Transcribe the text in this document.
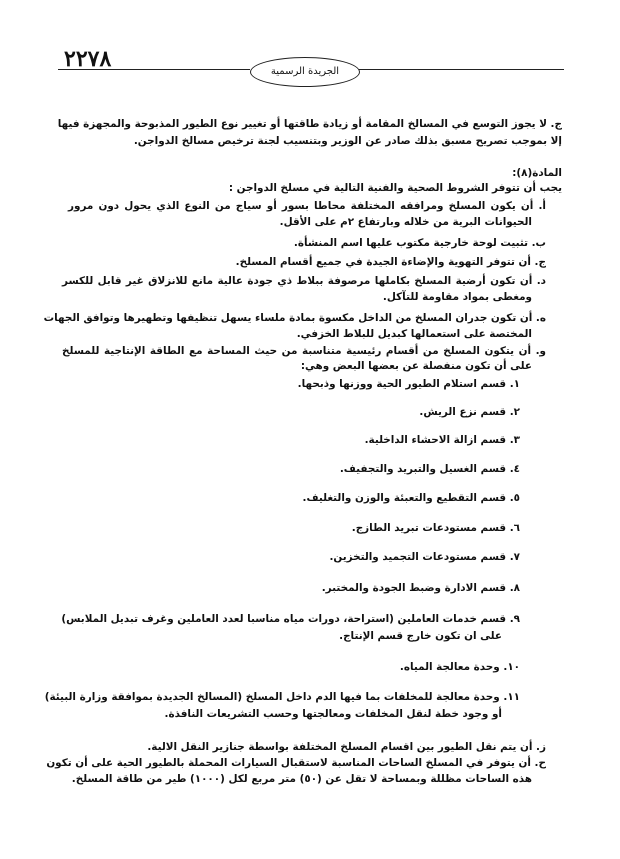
٢٢٧٨	الجريدة الرسمية
ج. لا يجوز التوسع في المسالخ المقامة أو زيادة طاقتها أو تغيير نوع الطيور المذبوحة والمجهزة فيها
إلا بموجب تصريح مسبق بذلك صادر عن الوزير وبتنسيب لجنة ترخيص مسالخ الدواجن.
المادة(٨):
يجب أن تتوفر الشروط الصحية والفنية التالية في مسلخ الدواجن :
أ. أن يكون المسلخ ومرافقه المختلفة محاطا بسور أو سياج من النوع الذي يحول دون مرور
الحيوانات البرية من خلاله وبارتفاع ٢م على الأقل.
ب. تثبيت لوحة خارجية مكتوب عليها اسم المنشأة.
ج. أن تتوفر التهوية والإضاءة الجيدة في جميع أقسام المسلخ.
د. أن تكون أرضية المسلخ بكاملها مرصوفة ببلاط ذي جودة عالية مانع للانزلاق غير قابل للكسر
ومغطى بمواد مقاومة للتآكل.
ه. أن تكون جدران المسلخ من الداخل مكسوة بمادة ملساء يسهل تنظيفها وتطهيرها وتوافق الجهات
المختصة على استعمالها كبديل للبلاط الخزفي.
و. أن يتكون المسلخ من أقسام رئيسية متناسبة من حيث المساحة مع الطاقة الإنتاجية للمسلخ
على أن تكون منفصلة عن بعضها البعض وهي:
١. قسم استلام الطيور الحية ووزنها وذبحها.
٢. قسم نزع الريش.
٣. قسم ازالة الاحشاء الداخلية.
٤. قسم الغسيل والتبريد والتجفيف.
٥. قسم التقطيع والتعبئة والوزن والتغليف.
٦. قسم مستودعات تبريد الطازج.
٧. قسم مستودعات التجميد والتخزين.
٨. قسم الادارة وضبط الجودة والمختبر.
٩. قسم خدمات العاملين (استراحة، دورات مياه مناسبا لعدد العاملين وغرف تبديل الملابس)
على ان تكون خارج قسم الإنتاج.
١٠. وحدة معالجة المياه.
١١. وحدة معالجة للمخلفات بما فيها الدم داخل المسلخ (المسالخ الجديدة بموافقة وزارة البيئة)
أو وجود خطة لنقل المخلفات ومعالجتها وحسب التشريعات النافذة.
ز. أن يتم نقل الطيور بين اقسام المسلخ المختلفة بواسطة جنازير النقل الالية.
ح. أن يتوفر في المسلخ الساحات المناسبة لاستقبال السيارات المحملة بالطيور الحية على أن تكون
هذه الساحات مظللة وبمساحة لا تقل عن (٥٠) متر مربع لكل (١٠٠٠) طير من طاقة المسلخ.
